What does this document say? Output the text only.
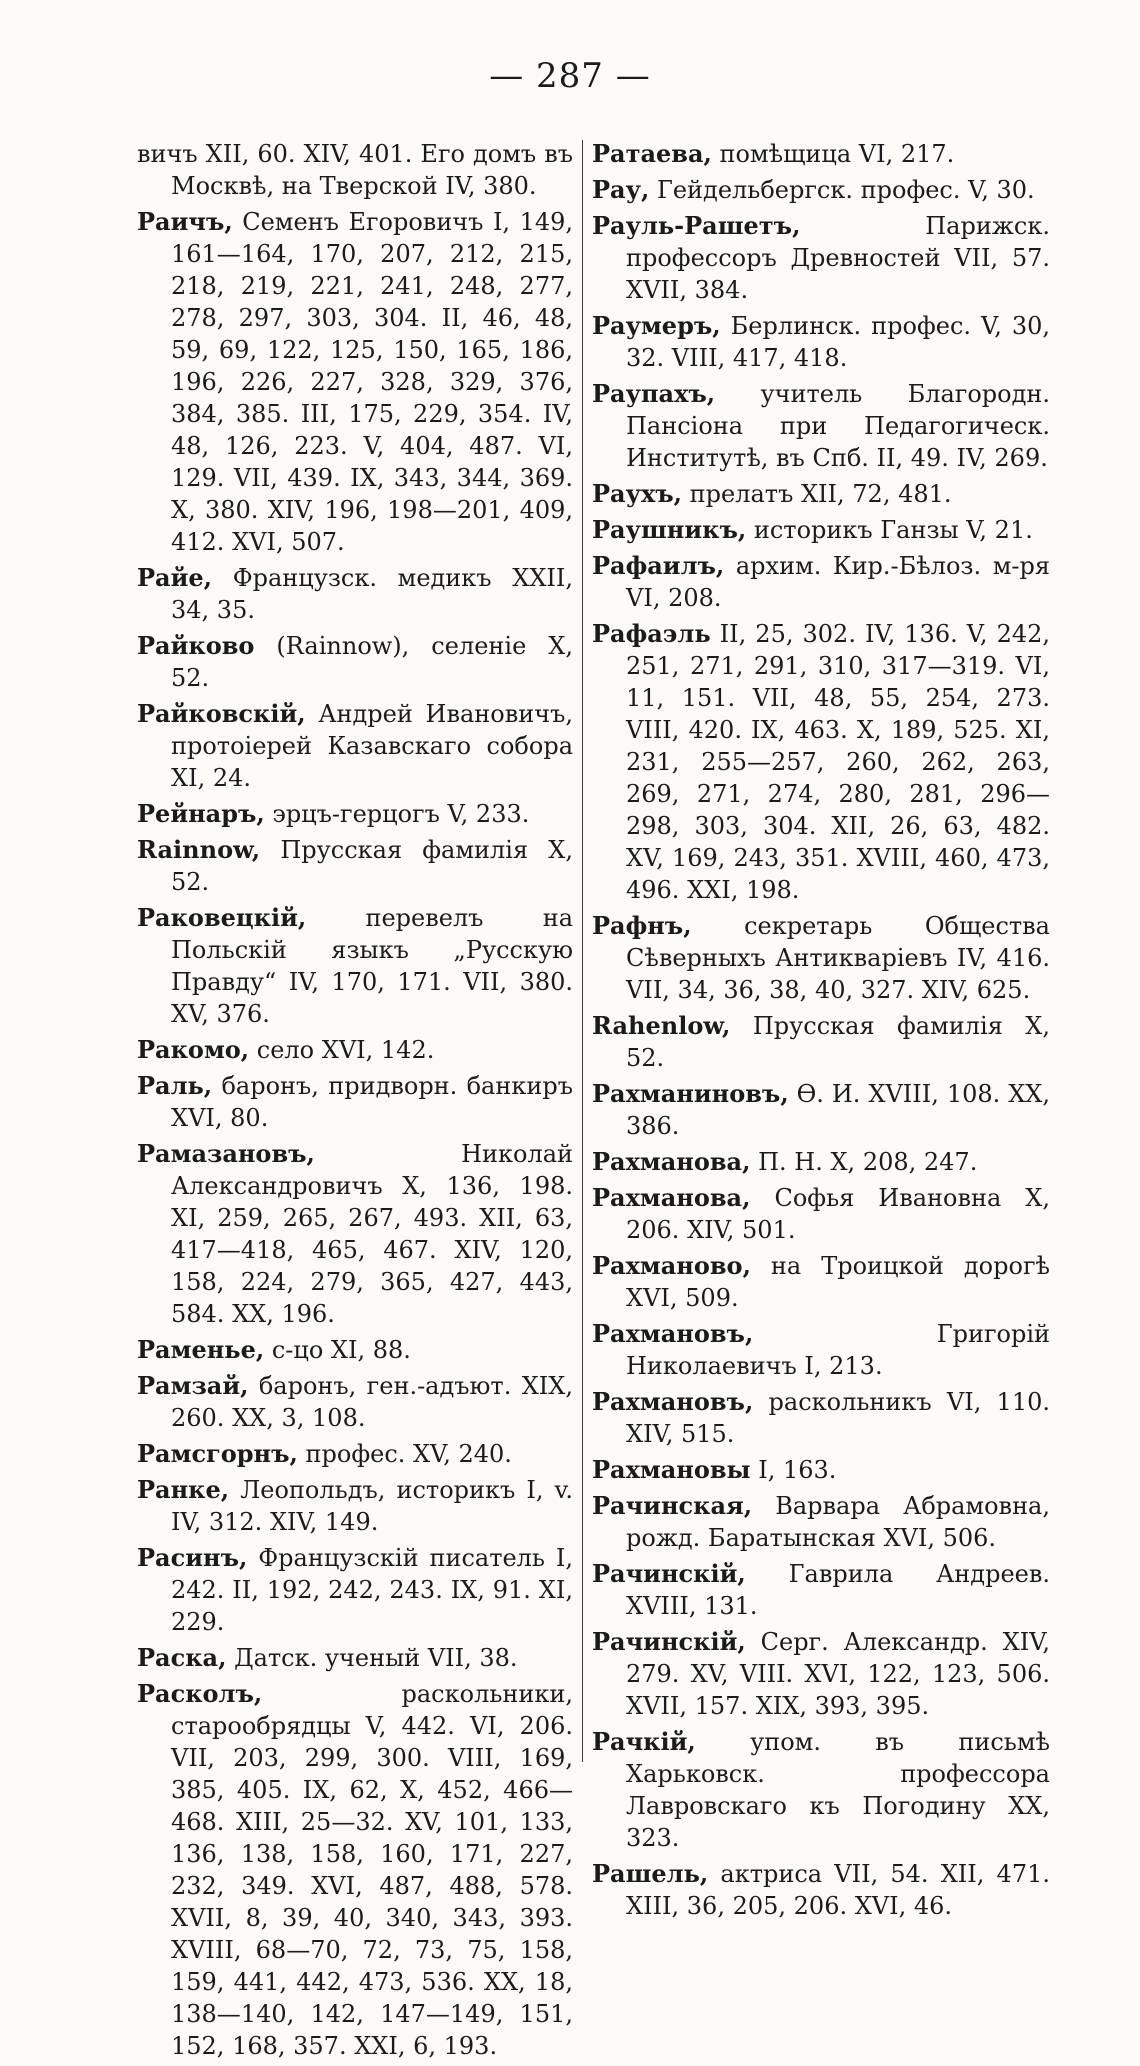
— 287 —
вичъ XII, 60. XIV, 401. Его домъ въ Москвѣ, на Тверской IV, 380.
Раичъ, Семенъ Егоровичъ I, 149, 161—164, 170, 207, 212, 215, 218, 219, 221, 241, 248, 277, 278, 297, 303, 304. II, 46, 48, 59, 69, 122, 125, 150, 165, 186, 196, 226, 227, 328, 329, 376, 384, 385. III, 175, 229, 354. IV, 48, 126, 223. V, 404, 487. VI, 129. VII, 439. IX, 343, 344, 369. X, 380. XIV, 196, 198—201, 409, 412. XVI, 507.
Райе, Французск. медикъ XXII, 34, 35.
Райково (Rainnow), селеніе X, 52.
Райковскій, Андрей Ивановичъ, протоіерей Казавскаго собора XI, 24.
Рейнаръ, эрцъ-герцогъ V, 233.
Rainnow, Прусская фамилія X, 52.
Раковецкій, перевелъ на Польскій языкъ „Русскую Правду“ IV, 170, 171. VII, 380. XV, 376.
Ракомо, село XVI, 142.
Раль, баронъ, придворн. банкиръ XVI, 80.
Рамазановъ, Николай Александровичъ X, 136, 198. XI, 259, 265, 267, 493. XII, 63, 417—418, 465, 467. XIV, 120, 158, 224, 279, 365, 427, 443, 584. XX, 196.
Раменье, с-цо XI, 88.
Рамзай, баронъ, ген.-адъют. XIX, 260. XX, 3, 108.
Рамсгорнъ, профес. XV, 240.
Ранке, Леопольдъ, историкъ I, v. IV, 312. XIV, 149.
Расинъ, Французскій писатель I, 242. II, 192, 242, 243. IX, 91. XI, 229.
Раска, Датск. ученый VII, 38.
Расколъ, раскольники, старообрядцы V, 442. VI, 206. VII, 203, 299, 300. VIII, 169, 385, 405. IX, 62, X, 452, 466—468. XIII, 25—32. XV, 101, 133, 136, 138, 158, 160, 171, 227, 232, 349. XVI, 487, 488, 578. XVII, 8, 39, 40, 340, 343, 393. XVIII, 68—70, 72, 73, 75, 158, 159, 441, 442, 473, 536. XX, 18, 138—140, 142, 147—149, 151, 152, 168, 357. XXI, 6, 193.
Ратаева, помѣщица VI, 217.
Рау, Гейдельбергск. профес. V, 30.
Рауль-Рашетъ, Парижск. профессоръ Древностей VII, 57. XVII, 384.
Раумеръ, Берлинск. профес. V, 30, 32. VIII, 417, 418.
Раупахъ, учитель Благородн. Пансіона при Педагогическ. Институтѣ, въ Спб. II, 49. IV, 269.
Раухъ, прелатъ XII, 72, 481.
Раушникъ, историкъ Ганзы V, 21.
Рафаилъ, архим. Кир.-Бѣлоз. м-ря VI, 208.
Рафаэль II, 25, 302. IV, 136. V, 242, 251, 271, 291, 310, 317—319. VI, 11, 151. VII, 48, 55, 254, 273. VIII, 420. IX, 463. X, 189, 525. XI, 231, 255—257, 260, 262, 263, 269, 271, 274, 280, 281, 296—298, 303, 304. XII, 26, 63, 482. XV, 169, 243, 351. XVIII, 460, 473, 496. XXI, 198.
Рафнъ, секретарь Общества Сѣверныхъ Антикваріевъ IV, 416. VII, 34, 36, 38, 40, 327. XIV, 625.
Rahenlow, Прусская фамилія X, 52.
Рахманиновъ, Ѳ. И. XVIII, 108. XX, 386.
Рахманова, П. Н. X, 208, 247.
Рахманова, Софья Ивановна X, 206. XIV, 501.
Рахманово, на Троицкой дорогѣ XVI, 509.
Рахмановъ, Григорій Николаевичъ I, 213.
Рахмановъ, раскольникъ VI, 110. XIV, 515.
Рахмановы I, 163.
Рачинская, Варвара Абрамовна, рожд. Баратынская XVI, 506.
Рачинскій, Гаврила Андреев. XVIII, 131.
Рачинскій, Серг. Александр. XIV, 279. XV, VIII. XVI, 122, 123, 506. XVII, 157. XIX, 393, 395.
Рачкій, упом. въ письмѣ Харьковск. профессора Лавровскаго къ Погодину XX, 323.
Рашель, актриса VII, 54. XII, 471. XIII, 36, 205, 206. XVI, 46.
